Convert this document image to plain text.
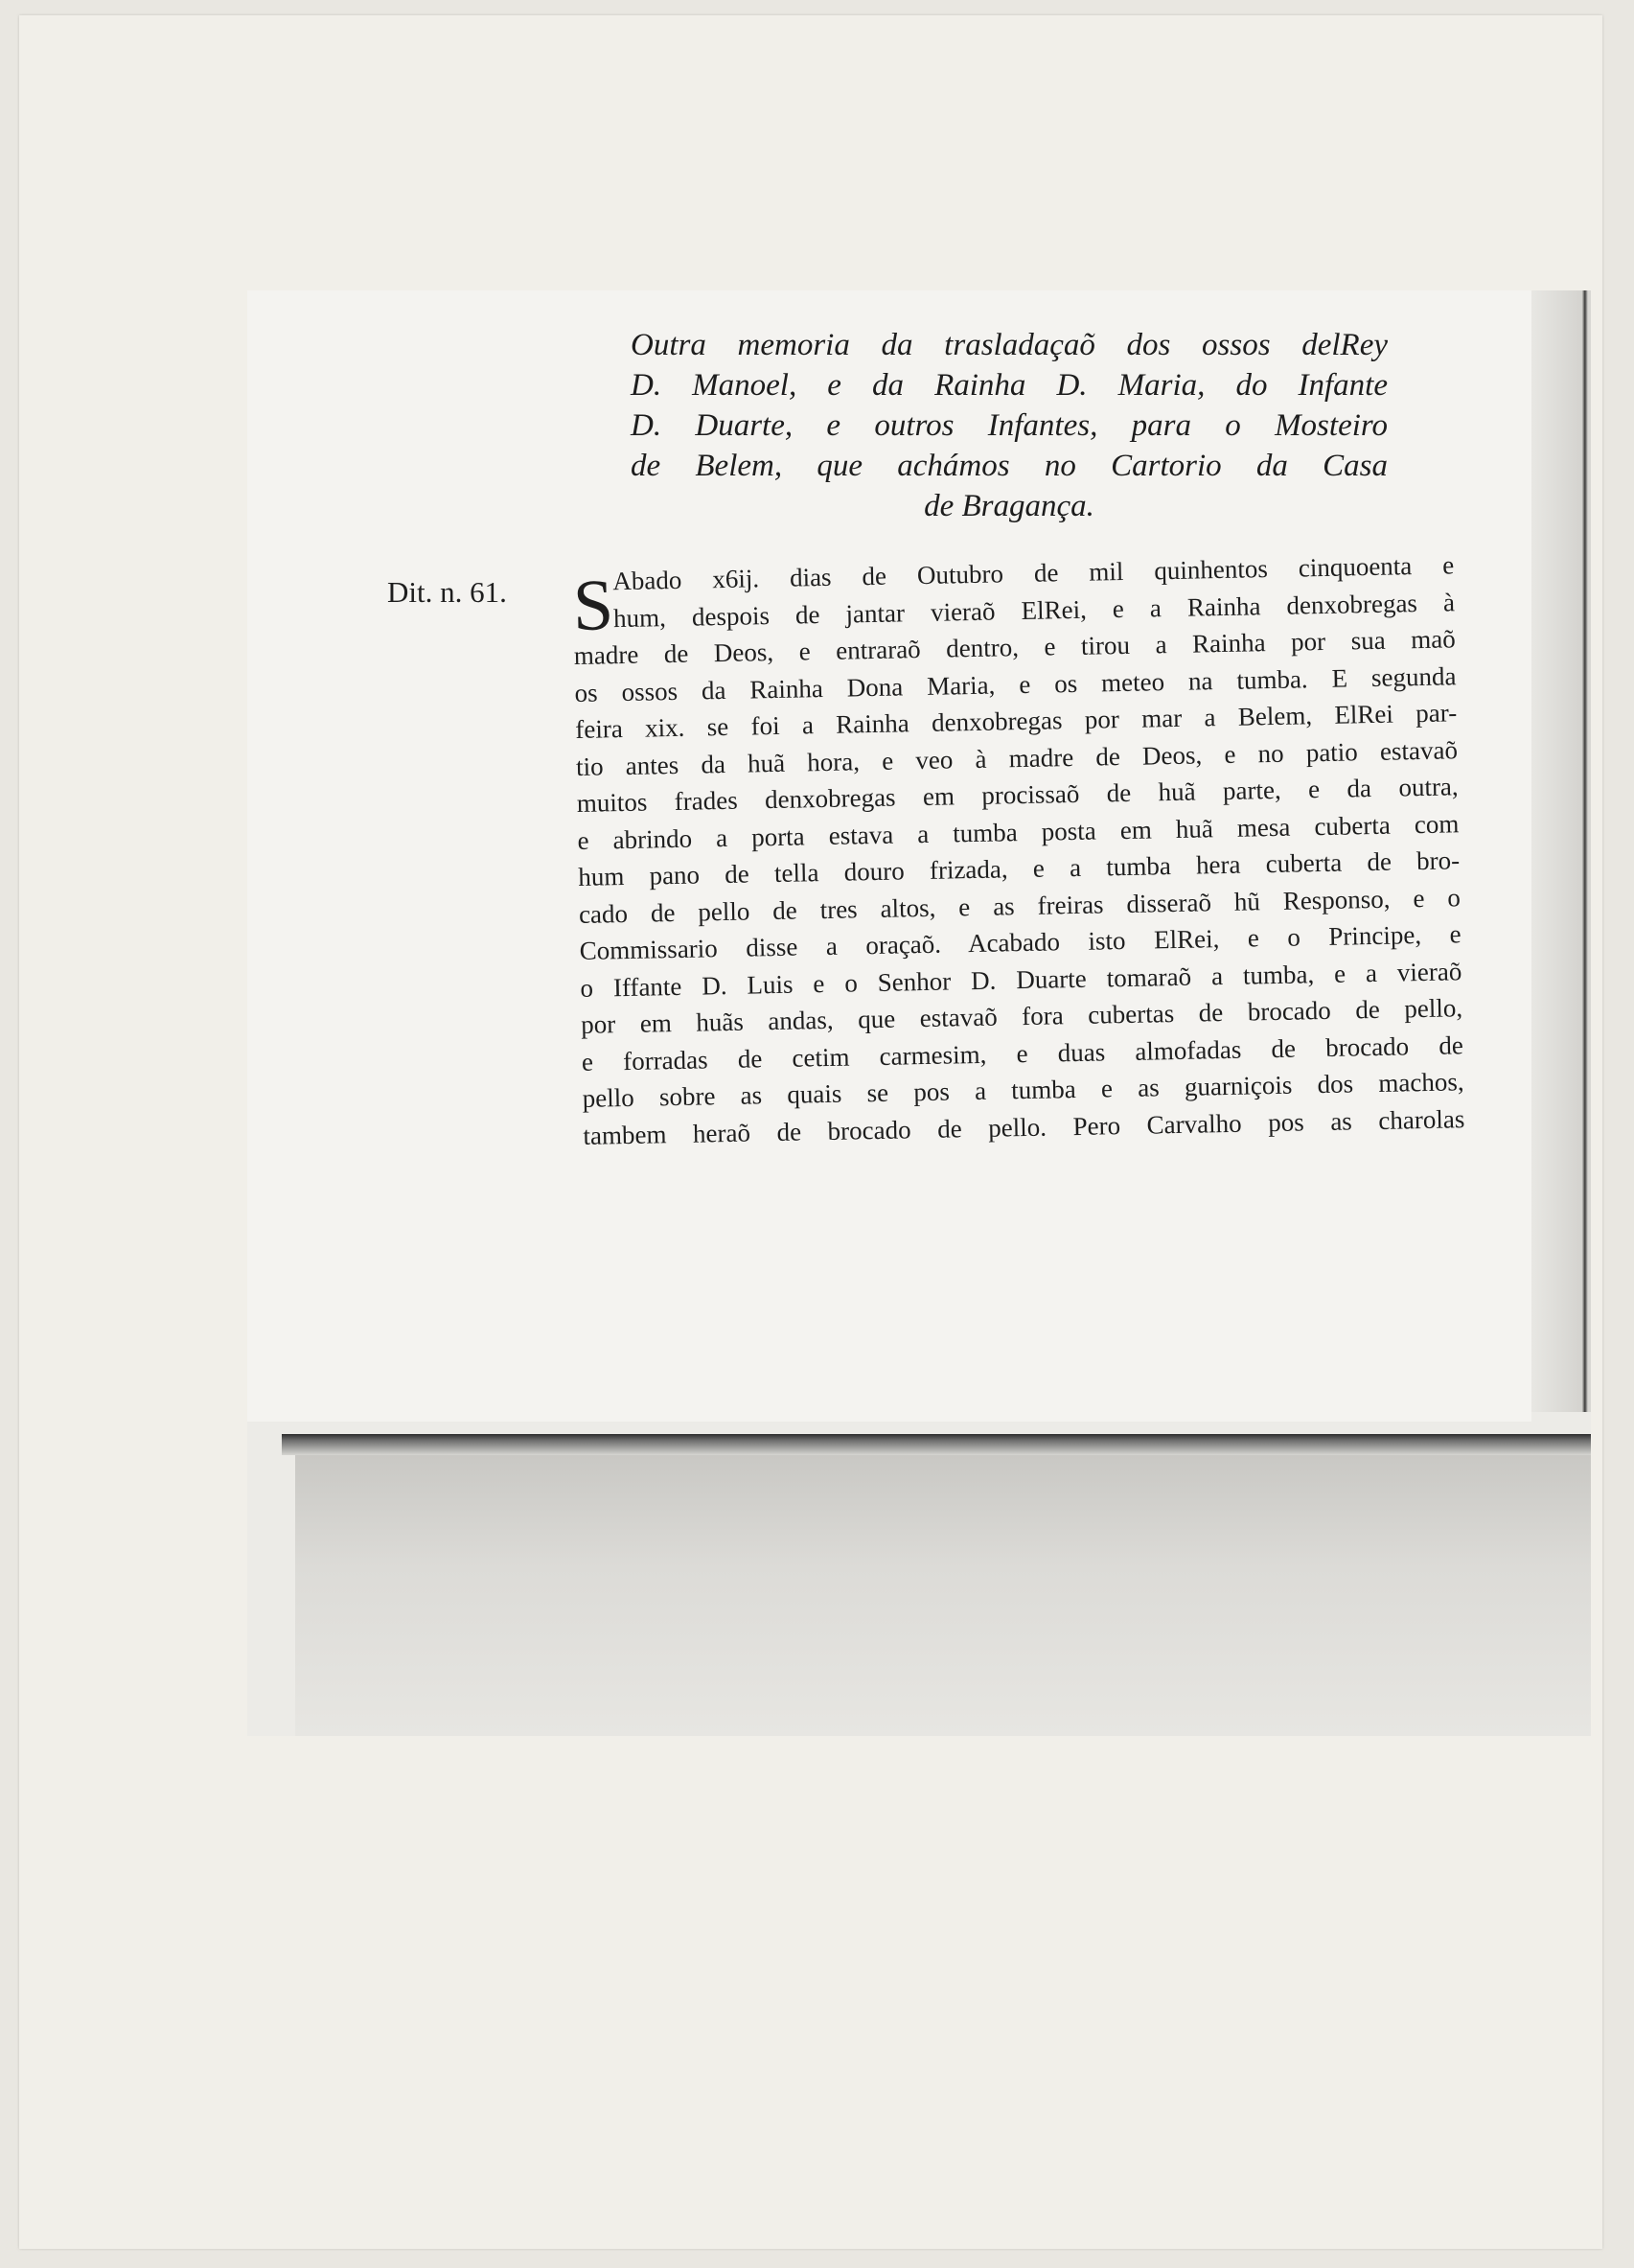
Outra memoria da trasladaçaõ dos ossos delRey
D. Manoel, e da Rainha D. Maria, do Infante
D. Duarte, e outros Infantes, para o Mosteiro
de Belem, que achámos no Cartorio da Casa
de Bragança.
Dit. n. 61. S
Abado x6ij. dias de Outubro de mil quinhentos cinquoenta e
hum, despois de jantar vieraõ ElRei, e a Rainha denxobregas à
madre de Deos, e entraraõ dentro, e tirou a Rainha por sua maõ
os ossos da Rainha Dona Maria, e os meteo na tumba. E segunda
feira xix. se foi a Rainha denxobregas por mar a Belem, ElRei par-
tio antes da huã hora, e veo à madre de Deos, e no patio estavaõ
muitos frades denxobregas em procissaõ de huã parte, e da outra,
e abrindo a porta estava a tumba posta em huã mesa cuberta com
hum pano de tella douro frizada, e a tumba hera cuberta de bro-
cado de pello de tres altos, e as freiras disseraõ hũ Responso, e o
Commissario disse a oraçaõ. Acabado isto ElRei, e o Principe, e
o Iffante D. Luis e o Senhor D. Duarte tomaraõ a tumba, e a vieraõ
por em huãs andas, que estavaõ fora cubertas de brocado de pello,
e forradas de cetim carmesim, e duas almofadas de brocado de
pello sobre as quais se pos a tumba e as guarniçois dos machos,
tambem heraõ de brocado de pello. Pero Carvalho pos as charolas
